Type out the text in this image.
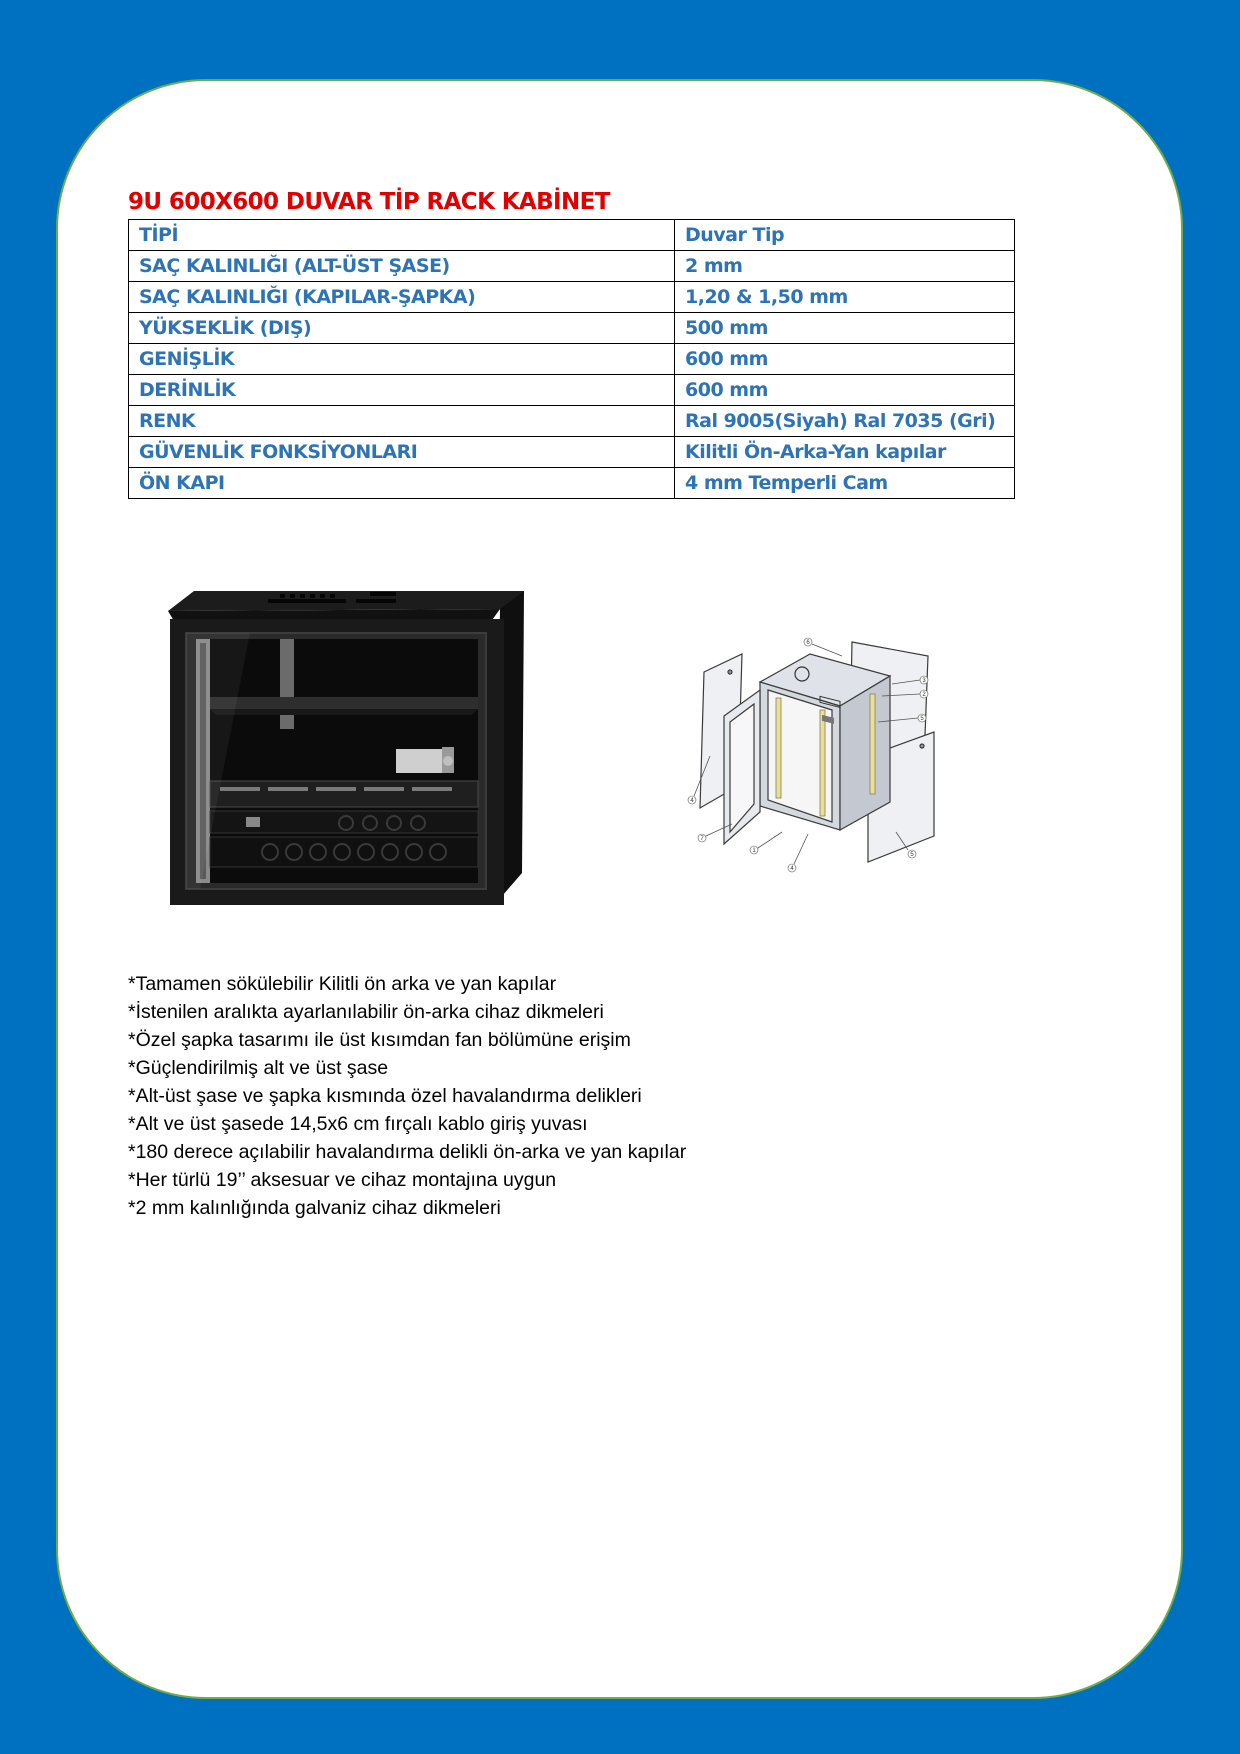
9U 600X600 DUVAR TİP RACK KABİNET
TİPİ	Duvar Tip
SAÇ KALINLIĞI (ALT-ÜST ŞASE)	2 mm
SAÇ KALINLIĞI (KAPILAR-ŞAPKA)	1,20 & 1,50 mm
YÜKSEKLİK (DIŞ)	500 mm
GENİŞLİK	600 mm
DERİNLİK	600 mm
RENK	Ral 9005(Siyah) Ral 7035 (Gri)
GÜVENLİK FONKSİYONLARI	Kilitli Ön-Arka-Yan kapılar
ÖN KAPI	4 mm Temperli Cam
6
3
2
5
4
7
1
4
5
*Tamamen sökülebilir Kilitli ön arka ve yan kapılar
*İstenilen aralıkta ayarlanılabilir ön-arka cihaz dikmeleri
*Özel şapka tasarımı ile üst kısımdan fan bölümüne erişim
*Güçlendirilmiş alt ve üst şase
*Alt-üst şase ve şapka kısmında özel havalandırma delikleri
*Alt ve üst şasede 14,5x6 cm fırçalı kablo giriş yuvası
*180 derece açılabilir havalandırma delikli ön-arka ve yan kapılar
*Her türlü 19’’ aksesuar ve cihaz montajına uygun
*2 mm kalınlığında galvaniz cihaz dikmeleri
